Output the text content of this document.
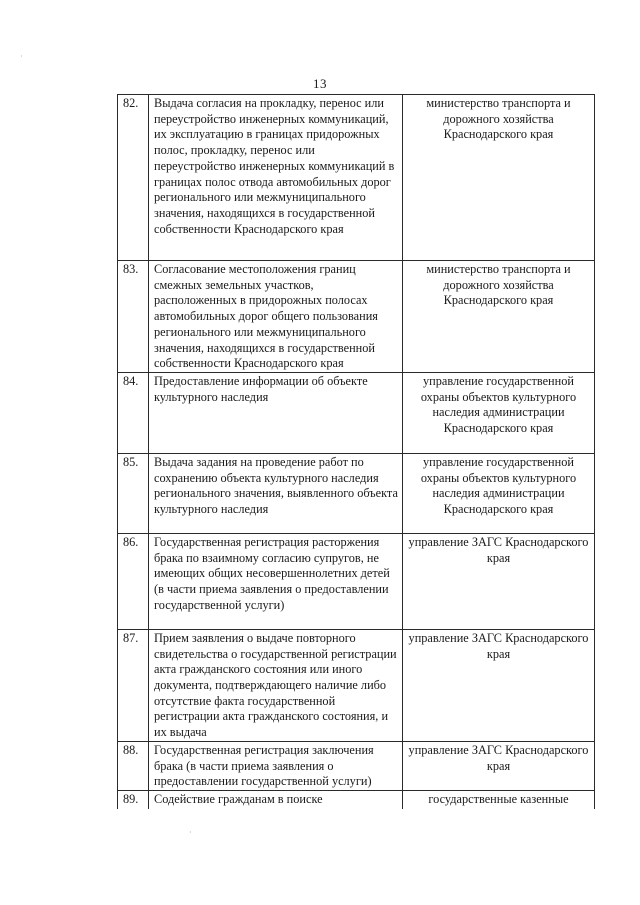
13
·
·
82.	Выдача согласия на прокладку, перенос или переустройство инженерных коммуникаций, их эксплуатацию в границах придорожных полос, прокладку, перенос или переустройство инженерных коммуникаций в границах полос отвода автомобильных дорог регионального или межмуниципального значения, находящихся в государственной собственности Краснодарского края	министерство транспорта и дорожного хозяйства Краснодарского края
83.	Согласование местоположения границ смежных земельных участков, расположенных в придорожных полосах автомобильных дорог общего пользования регионального или межмуниципального значения, находящихся в государственной собственности Краснодарского края	министерство транспорта и дорожного хозяйства Краснодарского края
84.	Предоставление информации об объекте культурного наследия	управление государственной охраны объектов культурного наследия администрации Краснодарского края
85.	Выдача задания на проведение работ по сохранению объекта культурного наследия регионального значения, выявленного объекта культурного наследия	управление государственной охраны объектов культурного наследия администрации Краснодарского края
86.	Государственная регистрация расторжения брака по взаимному согласию супругов, не имеющих общих несовершеннолетних детей (в части приема заявления о предоставлении государственной услуги)	управление ЗАГС Краснодарского края
87.	Прием заявления о выдаче повторного свидетельства о государственной регистрации акта гражданского состояния или иного документа, подтверждающего наличие либо отсутствие факта государственной регистрации акта гражданского состояния, и их выдача	управление ЗАГС Краснодарского края
88.	Государственная регистрация заключения брака (в части приема заявления о предоставлении государственной услуги)	управление ЗАГС Краснодарского края
89.	Содействие гражданам в поиске	государственные казенные
